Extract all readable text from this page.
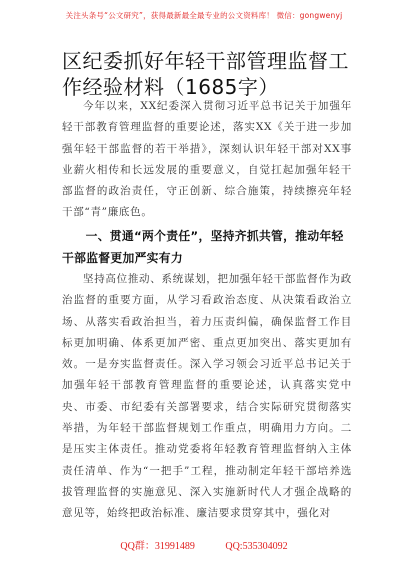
关注头条号“公文研究”，获得最新最全最专业的公文资料库！ 微信：gongwenyj
区纪委抓好年轻干部管理监督工作经验材料（1685字）

今年以来，XX纪委深入贯彻习近平总书记关于加强年轻干部教育管理监督的重要论述，落实XX《关于进一步加强年轻干部监督的若干举措》，深刻认识年轻干部对XX事业薪火相传和长远发展的重要意义，自觉扛起加强年轻干部监督的政治责任，守正创新、综合施策，持续擦亮年轻干部“青”廉底色。

一、贯通“两个责任”，坚持齐抓共管，推动年轻干部监督更加严实有力

坚持高位推动、系统谋划，把加强年轻干部监督作为政治监督的重要方面，从学习看政治态度、从决策看政治立场、从落实看政治担当，着力压责纠偏，确保监督工作目标更加明确、体系更加严密、重点更加突出、落实更加有效。一是夯实监督责任。深入学习领会习近平总书记关于加强年轻干部教育管理监督的重要论述，认真落实党中央、市委、市纪委有关部署要求，结合实际研究贯彻落实举措，为年轻干部监督规划工作重点，明确用力方向。二是压实主体责任。推动党委将年轻教育管理监督纳入主体责任清单、作为“一把手”工程，推动制定年轻干部培养选拔管理监督的实施意见、深入实施新时代人才强企战略的意见等，始终把政治标准、廉洁要求贯穿其中，强化对

QQ群：31991489	QQ:535304092
